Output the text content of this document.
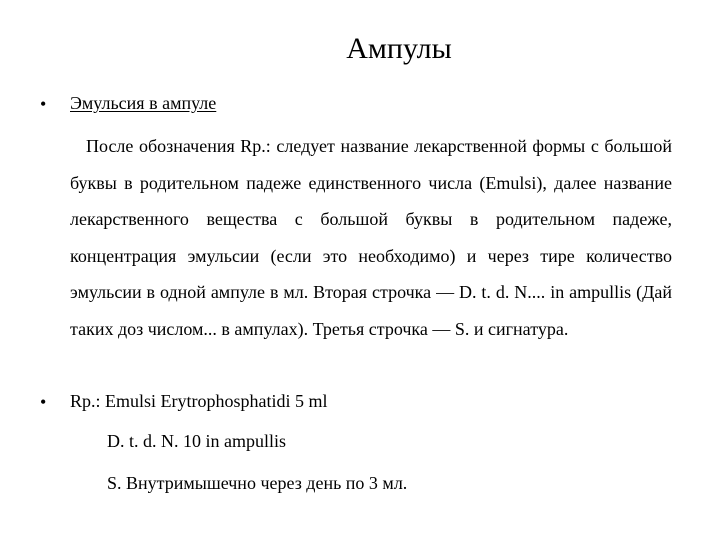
Ампулы
• Эмульсия в ампуле

После обозначения Rp.: следует название лекарственной формы с большой буквы в родительном падеже единственного числа (Emulsi), далее название лекарственного вещества с большой буквы в родительном падеже, концентрация эмульсии (если это необходимо) и через тире количество эмульсии в одной ампуле в мл. Вторая строчка — D. t. d. N.... in ampullis (Дай таких доз числом... в ампулах). Третья строчка — S. и сигнатура.

• Rp.: Emulsi Erytrophosphatidi 5 ml
D. t. d. N. 10 in ampullis
S. Внутримышечно через день по 3 мл.
